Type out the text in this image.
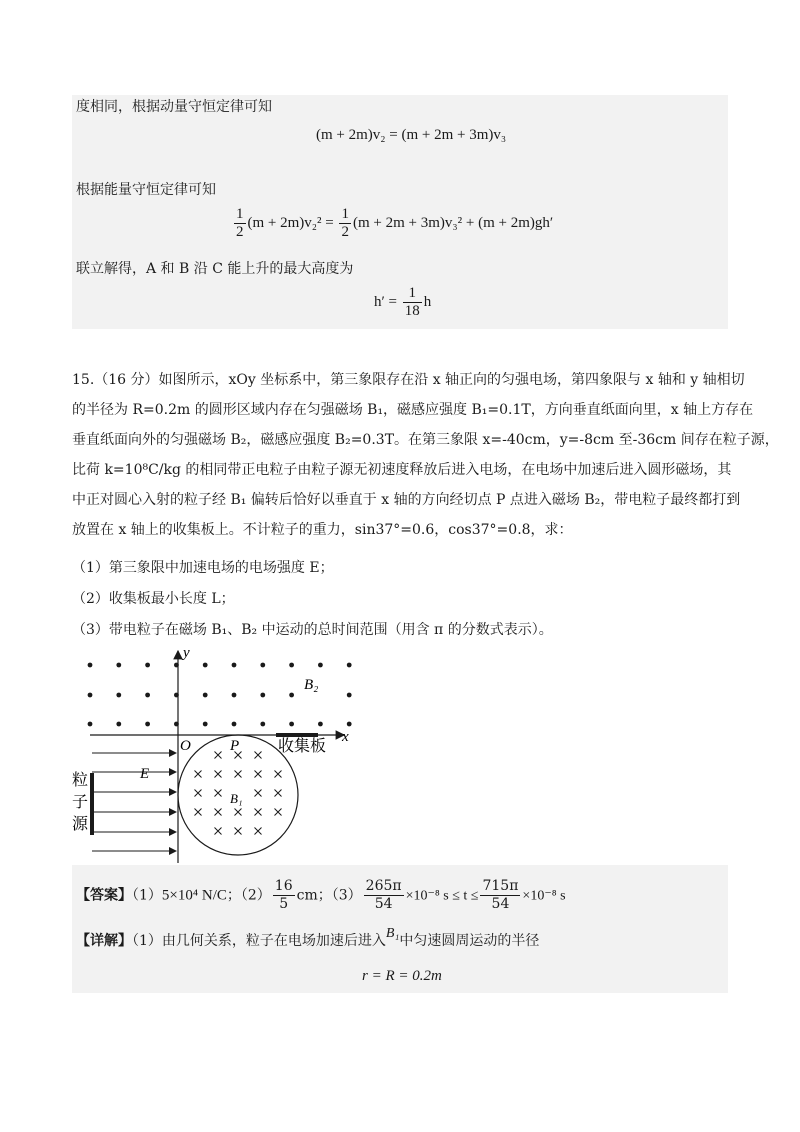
度相同，根据动量守恒定律可知
(m + 2m)v₂ = (m + 2m + 3m)v₃
根据能量守恒定律可知
$\frac{1}{2} (m + 2m)v_2^2 = \frac{1}{2} (m + 2m + 3m)v_3^2 + (m + 2m)gh'$
联立解得，A 和 B 沿 C 能上升的最大高度为
$h' = \frac{1}{18}$ h
15.（16 分）如图所示，xOy 坐标系中，第三象限存在沿 x 轴正向的匀强电场，第四象限与 x 轴和 y 轴相切
的半径为 R=0.2m 的圆形区域内存在匀强磁场 B₁，磁感应强度 B₁=0.1T，方向垂直纸面向里，x 轴上方存在
垂直纸面向外的匀强磁场 B₂，磁感应强度 B₂=0.3T。在第三象限 x=-40cm，y=-8cm 至-36cm 间存在粒子源，
比荷 k=10⁸C/kg 的相同带正电粒子由粒子源无初速度释放后进入电场，在电场中加速后进入圆形磁场，其
中正对圆心入射的粒子经 B₁ 偏转后恰好以垂直于 x 轴的方向经切点 P 点进入磁场 B₂，带电粒子最终都打到
放置在 x 轴上的收集板上。不计粒子的重力，sin37°=0.6，cos37°=0.8，求：
（1）第三象限中加速电场的电场强度 E；
（2）收集板最小长度 L；
（3）带电粒子在磁场 B₁、B₂ 中运动的总时间范围（用含 π 的分数式表示）。
y
x
O	P
B₂
收集板
B₁
E
粒
子
源
【答案】（1）5×10⁴ N/C；$(2) \frac{16}{5}$ cm；$(3) \frac{265\pi}{54} \times 10^{-8}$ $s \le t \le \frac{715\pi}{54} \times 10^{-8}$ s
【详解】（1）由几何关系，粒子在电场加速后进入B₁中匀速圆周运动的半径
r = R = 0.2m
